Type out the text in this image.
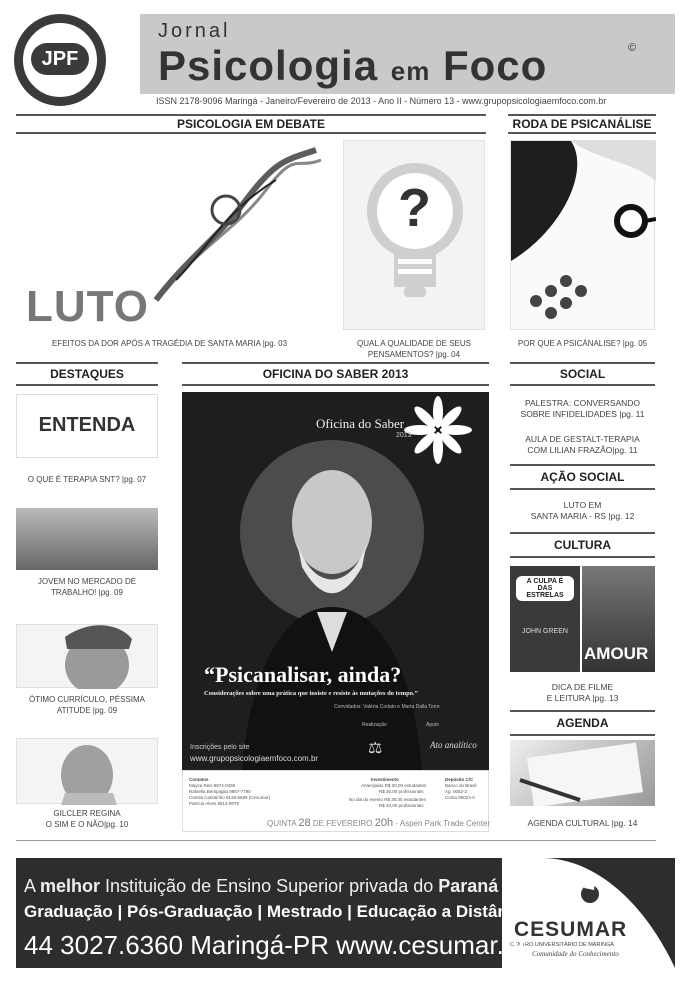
JPF
Jornal
Psicologia em Foco	©
ISSN 2178-9096 Maringá - Janeiro/Fevereiro de 2013 - Ano II - Número 13 - www.grupopsicologiaemfoco.com.br
PSICOLOGIA EM DEBATE	RODA DE PSICANÁLISE
LUTO
EFEITOS DA DOR APÓS A TRAGÉDIA DE SANTA MARIA |pg. 03
?
QUAL A QUALIDADE DE SEUS
PENSAMENTOS? |pg. 04
POR QUE A PSICÁNALISE? |pg. 05
DESTAQUES	OFICINA DO SABER 2013	SOCIAL
ENTENDA
O QUE É TERAPIA SNT? |pg. 07
JOVEM NO MERCADO DE
TRABALHO! |pg. 09
ÓTIMO CURRÍCULO, PÉSSIMA
ATITUDE |pg. 09
GILCLER REGINA
O SIM E O NÃO|pg. 10
Oficina do Saber
2013
“Psicanalisar, ainda?
Considerações sobre uma prática que insiste e resiste às mutações do tempo.”
Convidados: Valéria Codato e Marta Dalla Torre
Inscrições pelo site
www.grupopsicologiaemfoco.com.br
Realização
⚖
Apoio
Ato analítico
Contatos
Mayza Reis 9974-0490
Rafaella Bertipaglia 9867-7790
Camila Carlotinho 9138-5599 (Cesumar)
Patrícia Alves 8814-8079
Investimento
Antecipado R$ 20,00 estudantes
R$ 30,00 profissionais
No dia do evento R$ 30,00 estudantes
R$ 40,00 profissionais
Depósito C/C
Banco do Brasil
Ag. 0052-2
Conta 99024-0
QUINTA 28 DE FEVEREIRO 20h - Aspen Park Trade Center
PALESTRA: CONVERSANDO
SOBRE INFIDELIDADES |pg. 11
AULA DE GESTALT-TERAPIA
COM LILIAN FRAZÃO|pg. 11
AÇÃO SOCIAL
LUTO EM
SANTA MARIA - RS |pg. 12
CULTURA
A CULPA É
DAS ESTRELAS
JOHN GREEN
AMOUR
DICA DE FILME
E LEITURA |pg. 13
AGENDA
AGENDA CULTURAL |pg. 14
CESUMAR
CENTRO UNIVERSITÁRIO DE MARINGÁ
Comunidade do Conhecimento
A melhor Instituição de Ensino Superior privada do Paraná
Graduação | Pós-Graduação | Mestrado | Educação a Distância
44 3027.6360 Maringá-PR www.cesumar.br
